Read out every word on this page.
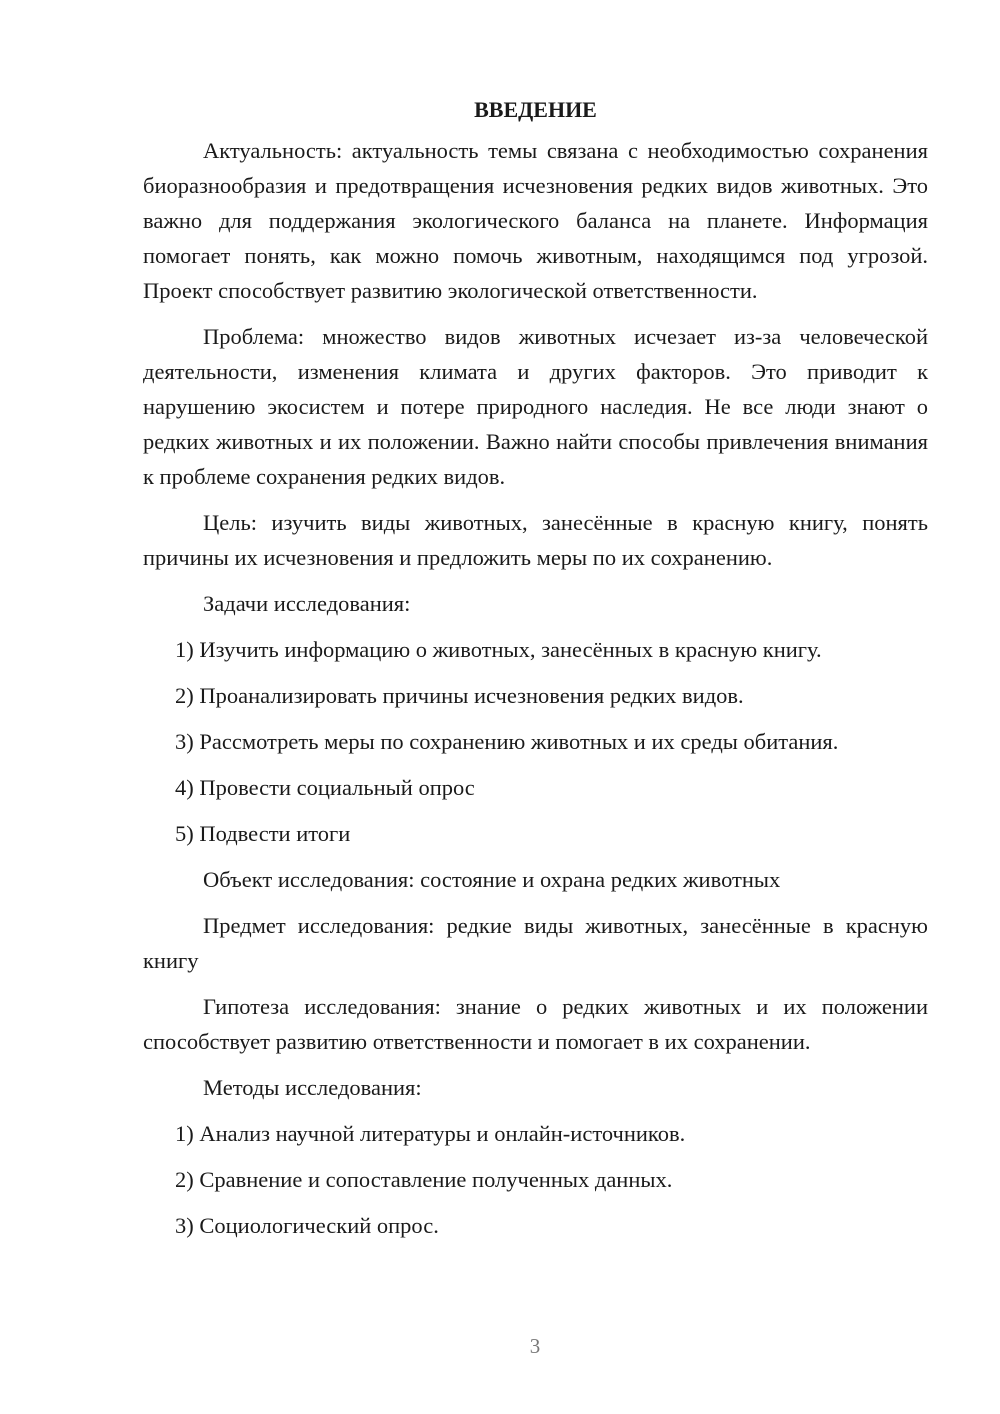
ВВЕДЕНИЕ

Актуальность: актуальность темы связана с необходимостью сохранения биоразнообразия и предотвращения исчезновения редких видов животных. Это важно для поддержания экологического баланса на планете. Информация помогает понять, как можно помочь животным, находящимся под угрозой. Проект способствует развитию экологической ответственности.

Проблема: множество видов животных исчезает из-за человеческой деятельности, изменения климата и других факторов. Это приводит к нарушению экосистем и потере природного наследия. Не все люди знают о редких животных и их положении. Важно найти способы привлечения внимания к проблеме сохранения редких видов.

Цель: изучить виды животных, занесённые в красную книгу, понять причины их исчезновения и предложить меры по их сохранению.

Задачи исследования:

1) Изучить информацию о животных, занесённых в красную книгу.

2) Проанализировать причины исчезновения редких видов.

3) Рассмотреть меры по сохранению животных и их среды обитания.

4) Провести социальный опрос

5) Подвести итоги

Объект исследования: состояние и охрана редких животных

Предмет исследования: редкие виды животных, занесённые в красную книгу

Гипотеза исследования: знание о редких животных и их положении способствует развитию ответственности и помогает в их сохранении.

Методы исследования:

1) Анализ научной литературы и онлайн-источников.

2) Сравнение и сопоставление полученных данных.

3) Социологический опрос.

3
